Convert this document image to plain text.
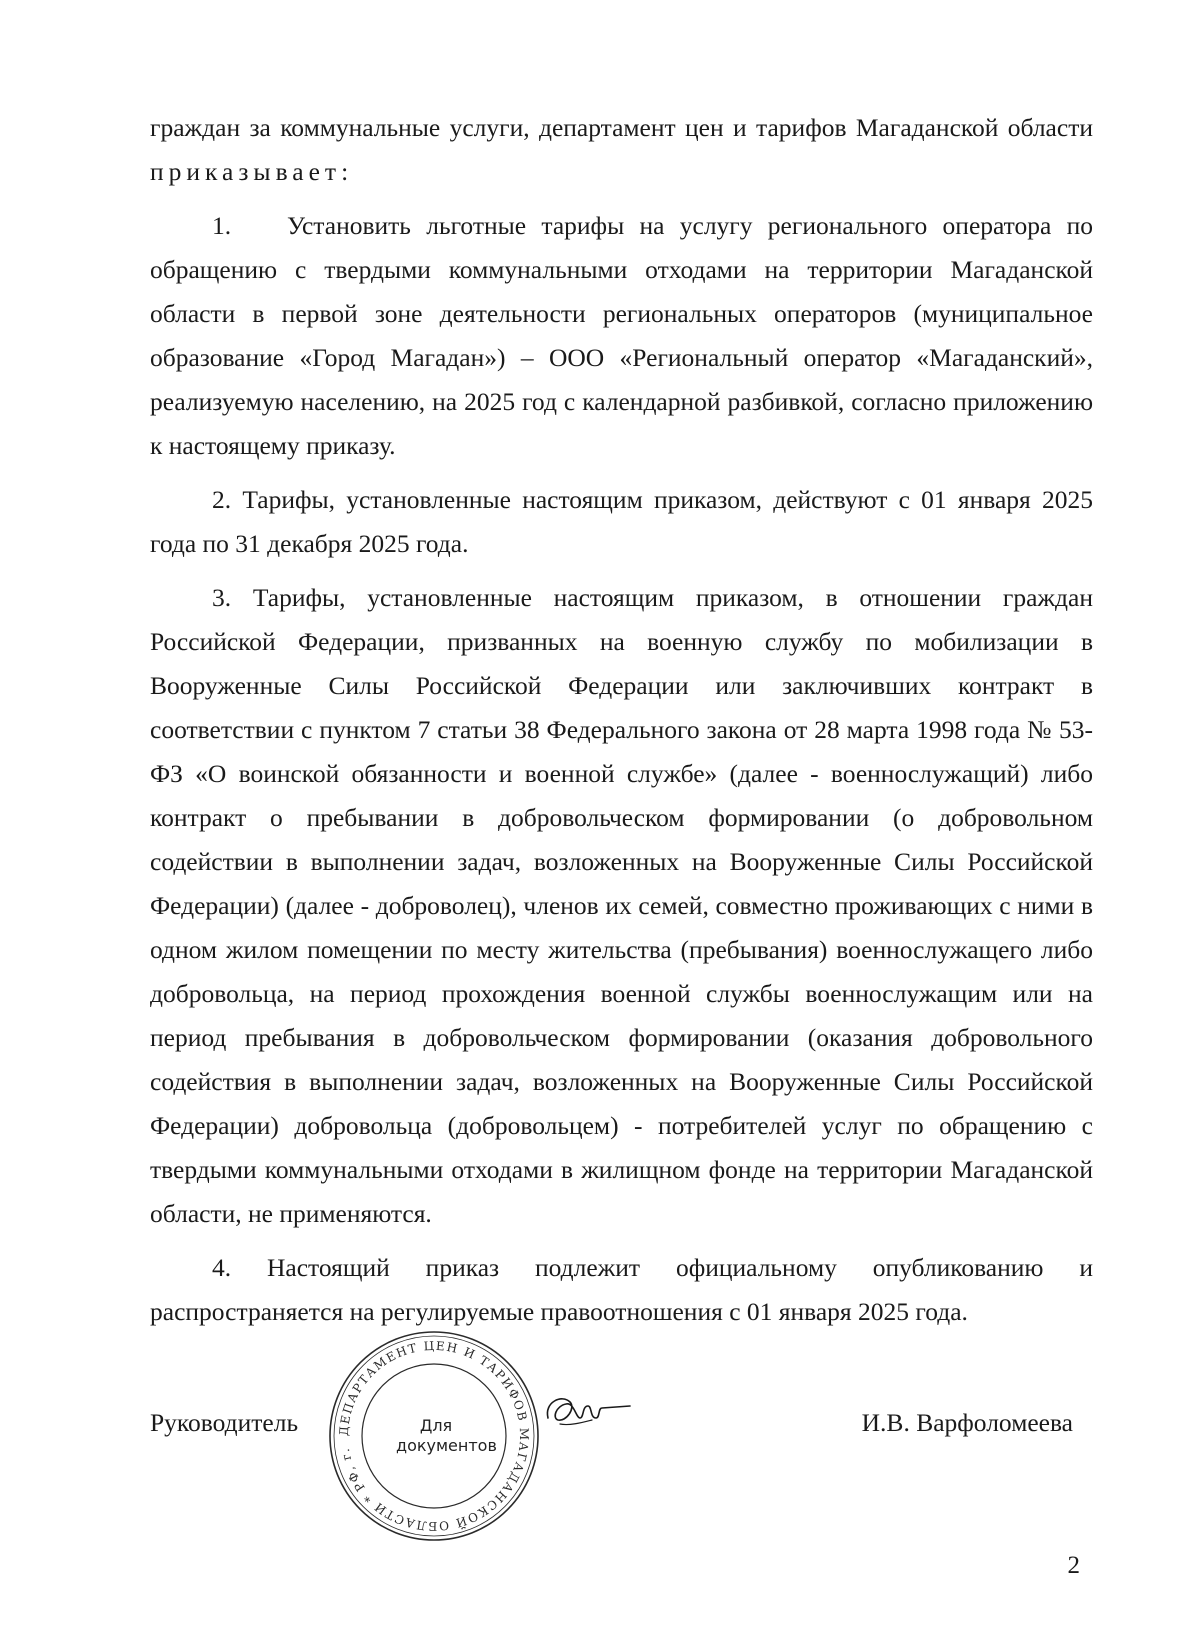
граждан за коммунальные услуги, департамент цен и тарифов Магаданской области приказывает:

1. Установить льготные тарифы на услугу регионального оператора по обращению с твердыми коммунальными отходами на территории Магаданской области в первой зоне деятельности региональных операторов (муниципальное образование «Город Магадан») – ООО «Региональный оператор «Магаданский», реализуемую населению, на 2025 год с календарной разбивкой, согласно приложению к настоящему приказу.

2. Тарифы, установленные настоящим приказом, действуют с 01 января 2025 года по 31 декабря 2025 года.

3. Тарифы, установленные настоящим приказом, в отношении граждан Российской Федерации, призванных на военную службу по мобилизации в Вооруженные Силы Российской Федерации или заключивших контракт в соответствии с пунктом 7 статьи 38 Федерального закона от 28 марта 1998 года № 53-ФЗ «О воинской обязанности и военной службе» (далее - военнослужащий) либо контракт о пребывании в добровольческом формировании (о добровольном содействии в выполнении задач, возложенных на Вооруженные Силы Российской Федерации) (далее - доброволец), членов их семей, совместно проживающих с ними в одном жилом помещении по месту жительства (пребывания) военнослужащего либо добровольца, на период прохождения военной службы военнослужащим или на период пребывания в добровольческом формировании (оказания добровольного содействия в выполнении задач, возложенных на Вооруженные Силы Российской Федерации) добровольца (добровольцем) - потребителей услуг по обращению с твердыми коммунальными отходами в жилищном фонде на территории Магаданской области, не применяются.

4. Настоящий приказ подлежит официальному опубликованию и распространяется на регулируемые правоотношения с 01 января 2025 года.

Руководитель	И.В. Варфоломеева
ДЕПАРТАМЕНТ ЦЕН И ТАРИФОВ МАГАДАНСКОЙ ОБЛАСТИ * РФ, г.
Для
документов
2
